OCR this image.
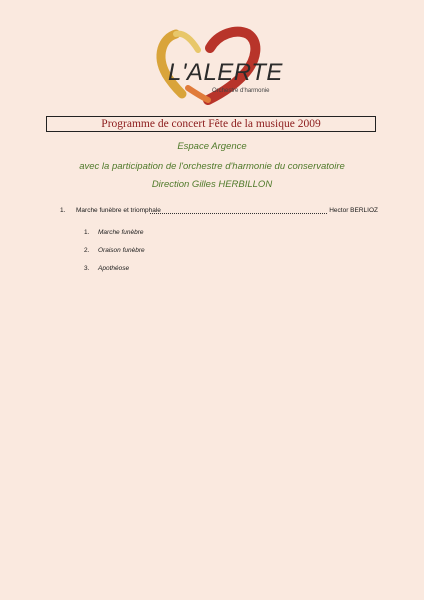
L'ALERTE
Orchestre d'harmonie
Programme de concert Fête de la musique 2009
Espace Argence
avec la participation de l'orchestre d'harmonie du conservatoire
Direction Gilles HERBILLON
1. Marche funèbre et triomphale	Hector BERLIOZ
1. Marche funèbre
2. Oraison funèbre
3. Apothéose
